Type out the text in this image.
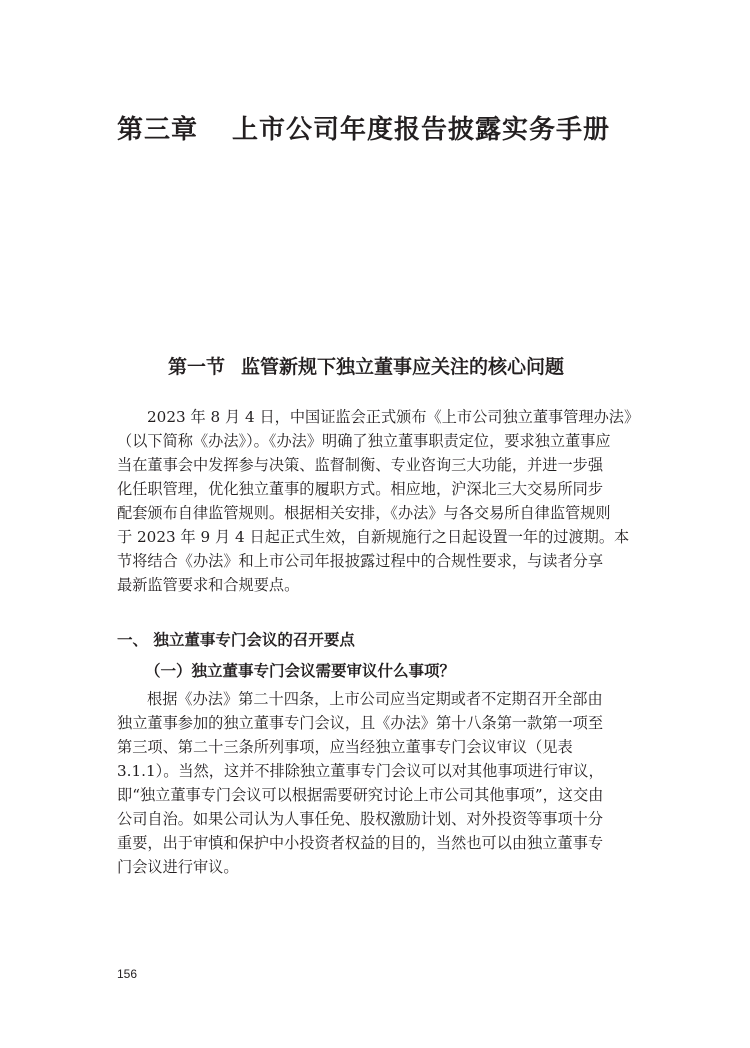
第三章 上市公司年度报告披露实务手册
第一节 监管新规下独立董事应关注的核心问题
2023 年 8 月 4 日，中国证监会正式颁布《上市公司独立董事管理办法》
（以下简称《办法》）。《办法》明确了独立董事职责定位，要求独立董事应
当在董事会中发挥参与决策、监督制衡、专业咨询三大功能，并进一步强
化任职管理，优化独立董事的履职方式。相应地，沪深北三大交易所同步
配套颁布自律监管规则。根据相关安排，《办法》与各交易所自律监管规则
于 2023 年 9 月 4 日起正式生效，自新规施行之日起设置一年的过渡期。本
节将结合《办法》和上市公司年报披露过程中的合规性要求，与读者分享
最新监管要求和合规要点。
一、 独立董事专门会议的召开要点
（一）独立董事专门会议需要审议什么事项？
根据《办法》第二十四条，上市公司应当定期或者不定期召开全部由
独立董事参加的独立董事专门会议，且《办法》第十八条第一款第一项至
第三项、第二十三条所列事项，应当经独立董事专门会议审议（见表
3.1.1）。当然，这并不排除独立董事专门会议可以对其他事项进行审议，
即“独立董事专门会议可以根据需要研究讨论上市公司其他事项”，这交由
公司自治。如果公司认为人事任免、股权激励计划、对外投资等事项十分
重要，出于审慎和保护中小投资者权益的目的，当然也可以由独立董事专
门会议进行审议。
156
